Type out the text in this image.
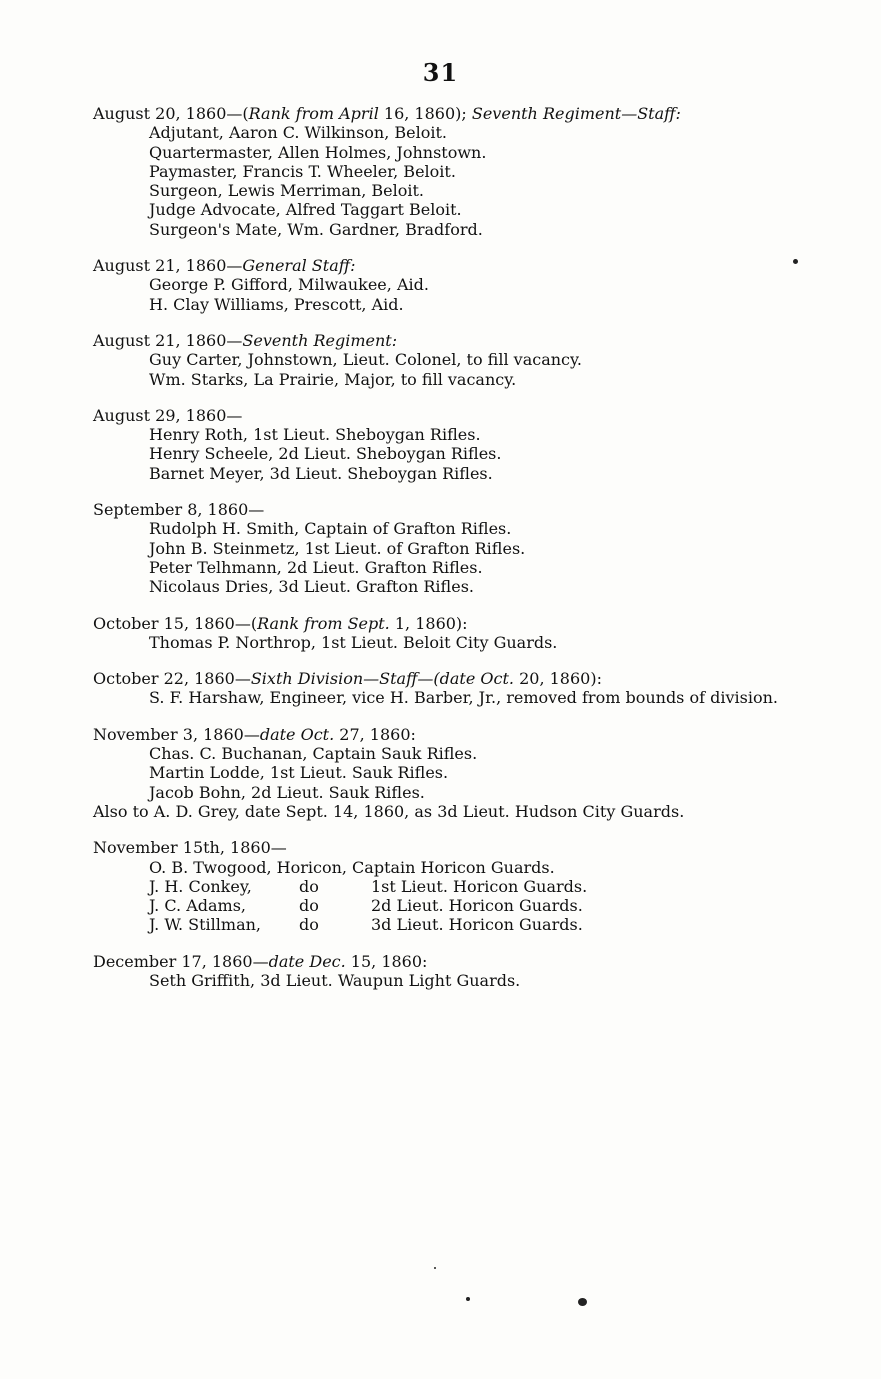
31
August 20, 1860—(Rank from April 16, 1860); Seventh Regiment—Staff:
Adjutant, Aaron C. Wilkinson, Beloit.
Quartermaster, Allen Holmes, Johnstown.
Paymaster, Francis T. Wheeler, Beloit.
Surgeon, Lewis Merriman, Beloit.
Judge Advocate, Alfred Taggart Beloit.
Surgeon's Mate, Wm. Gardner, Bradford.
August 21, 1860—General Staff:
George P. Gifford, Milwaukee, Aid.
H. Clay Williams, Prescott, Aid.
August 21, 1860—Seventh Regiment:
Guy Carter, Johnstown, Lieut. Colonel, to fill vacancy.
Wm. Starks, La Prairie, Major, to fill vacancy.
August 29, 1860—
Henry Roth, 1st Lieut. Sheboygan Rifles.
Henry Scheele, 2d Lieut. Sheboygan Rifles.
Barnet Meyer, 3d Lieut. Sheboygan Rifles.
September 8, 1860—
Rudolph H. Smith, Captain of Grafton Rifles.
John B. Steinmetz, 1st Lieut. of Grafton Rifles.
Peter Telhmann, 2d Lieut. Grafton Rifles.
Nicolaus Dries, 3d Lieut. Grafton Rifles.
October 15, 1860—(Rank from Sept. 1, 1860):
Thomas P. Northrop, 1st Lieut. Beloit City Guards.
October 22, 1860—Sixth Division—Staff—(date Oct. 20, 1860):
S. F. Harshaw, Engineer, vice H. Barber, Jr., removed from bounds of division.
November 3, 1860—date Oct. 27, 1860:
Chas. C. Buchanan, Captain Sauk Rifles.
Martin Lodde, 1st Lieut. Sauk Rifles.
Jacob Bohn, 2d Lieut. Sauk Rifles.
Also to A. D. Grey, date Sept. 14, 1860, as 3d Lieut. Hudson City Guards.
November 15th, 1860—
O. B. Twogood, Horicon, Captain Horicon Guards.
J. H. Conkey,	do	1st Lieut. Horicon Guards.
J. C. Adams,	do	2d Lieut. Horicon Guards.
J. W. Stillman,	do	3d Lieut. Horicon Guards.
December 17, 1860—date Dec. 15, 1860:
Seth Griffith, 3d Lieut. Waupun Light Guards.
